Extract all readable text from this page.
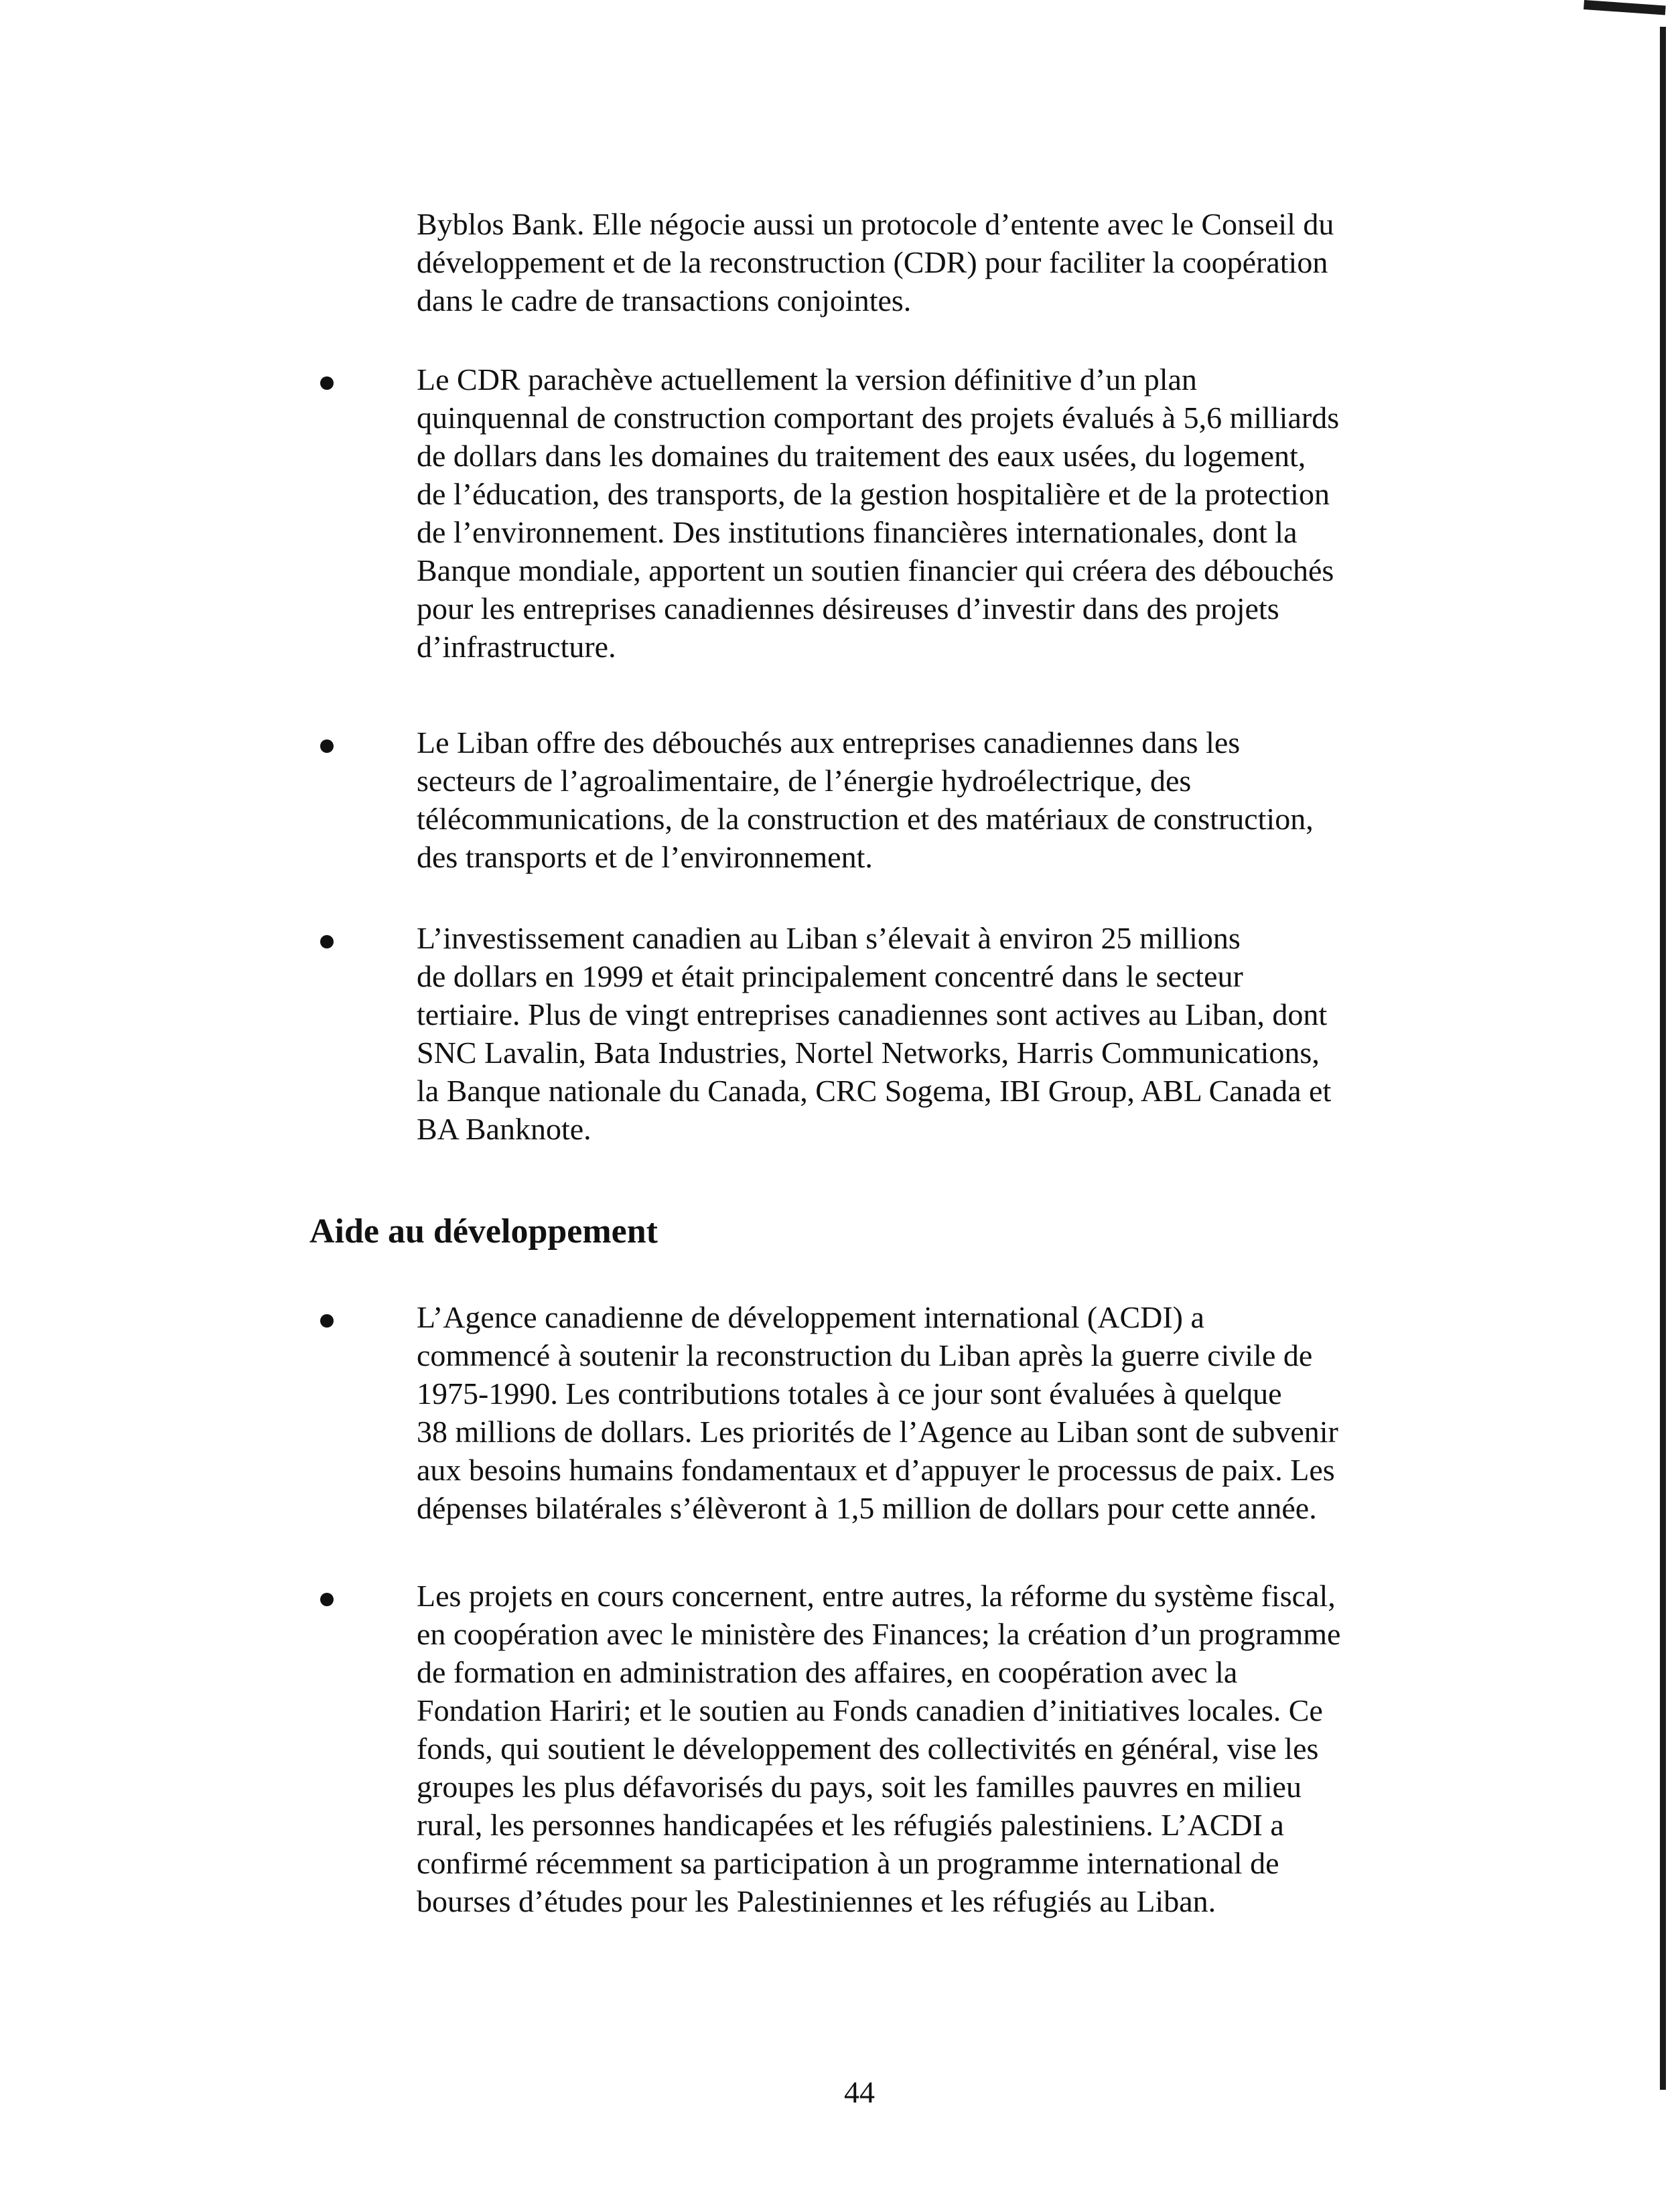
Byblos Bank. Elle négocie aussi un protocole d’entente avec le Conseil du
développement et de la reconstruction (CDR) pour faciliter la coopération
dans le cadre de transactions conjointes.

Le CDR parachève actuellement la version définitive d’un plan
quinquennal de construction comportant des projets évalués à 5,6 milliards
de dollars dans les domaines du traitement des eaux usées, du logement,
de l’éducation, des transports, de la gestion hospitalière et de la protection
de l’environnement. Des institutions financières internationales, dont la
Banque mondiale, apportent un soutien financier qui créera des débouchés
pour les entreprises canadiennes désireuses d’investir dans des projets
d’infrastructure.

Le Liban offre des débouchés aux entreprises canadiennes dans les
secteurs de l’agroalimentaire, de l’énergie hydroélectrique, des
télécommunications, de la construction et des matériaux de construction,
des transports et de l’environnement.

L’investissement canadien au Liban s’élevait à environ 25 millions
de dollars en 1999 et était principalement concentré dans le secteur
tertiaire. Plus de vingt entreprises canadiennes sont actives au Liban, dont
SNC Lavalin, Bata Industries, Nortel Networks, Harris Communications,
la Banque nationale du Canada, CRC Sogema, IBI Group, ABL Canada et
BA Banknote.

Aide au développement

L’Agence canadienne de développement international (ACDI) a
commencé à soutenir la reconstruction du Liban après la guerre civile de
1975-1990. Les contributions totales à ce jour sont évaluées à quelque
38 millions de dollars. Les priorités de l’Agence au Liban sont de subvenir
aux besoins humains fondamentaux et d’appuyer le processus de paix. Les
dépenses bilatérales s’élèveront à 1,5 million de dollars pour cette année.

Les projets en cours concernent, entre autres, la réforme du système fiscal,
en coopération avec le ministère des Finances; la création d’un programme
de formation en administration des affaires, en coopération avec la
Fondation Hariri; et le soutien au Fonds canadien d’initiatives locales. Ce
fonds, qui soutient le développement des collectivités en général, vise les
groupes les plus défavorisés du pays, soit les familles pauvres en milieu
rural, les personnes handicapées et les réfugiés palestiniens. L’ACDI a
confirmé récemment sa participation à un programme international de
bourses d’études pour les Palestiniennes et les réfugiés au Liban.

44
